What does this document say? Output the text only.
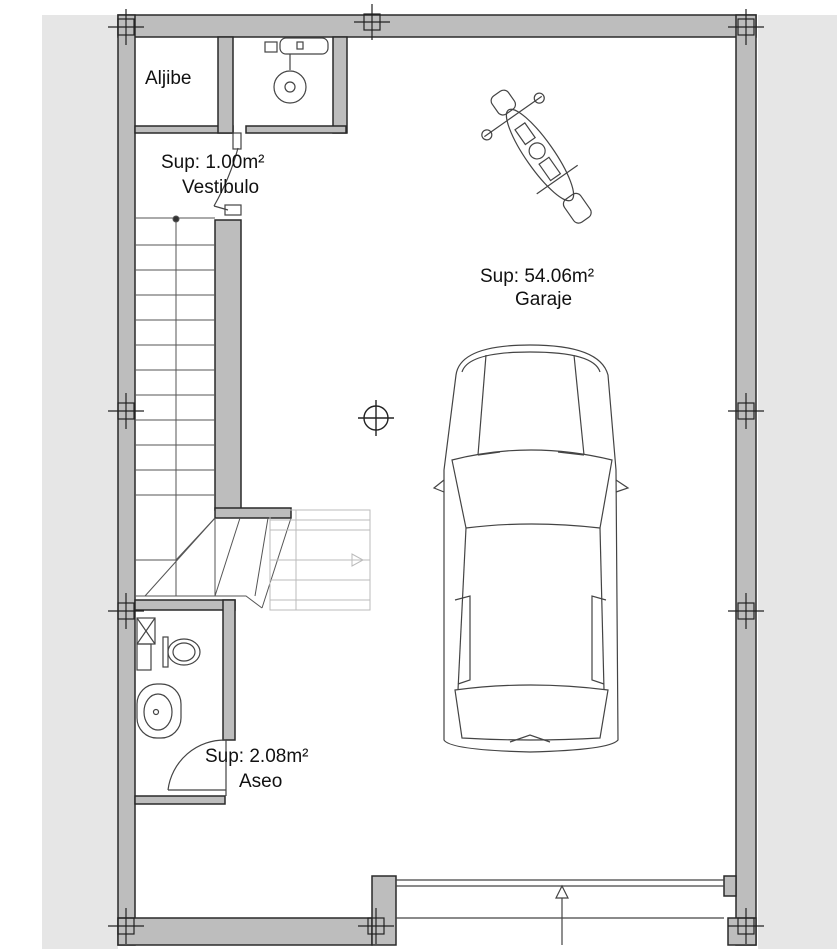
Aljibe
Sup: 1.00m²
Vestibulo
Sup: 54.06m²
Garaje
Sup: 2.08m²
Aseo
